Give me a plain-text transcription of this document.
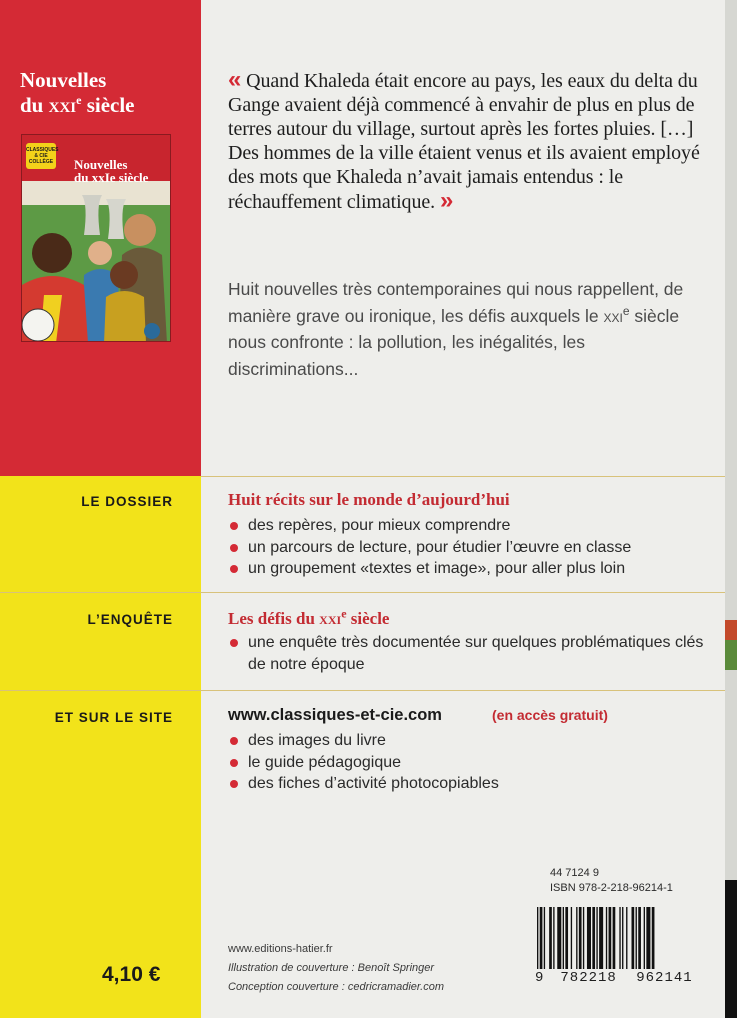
Nouvelles
du xxi$^e$ siècle
CLASSIQUES & CIE COLLÈGE Nouvelles
du xxIe siècle
« Quand Khaleda était encore au pays, les eaux du delta du Gange avaient déjà commencé à envahir de plus en plus de terres autour du village, surtout après les fortes pluies. […] Des hommes de la ville étaient venus et ils avaient employé des mots que Khaleda n’avait jamais entendus : le réchauffement climatique. »
Huit nouvelles très contemporaines qui nous rappellent, de manière grave ou ironique, les défis auxquels le xxi$^e$ siècle nous confronte : la pollution, les inégalités, les discriminations...
LE DOSSIER	Huit récits sur le monde d’aujourd’hui
des repères, pour mieux comprendre
un parcours de lecture, pour étudier l’œuvre en classe
un groupement «textes et image», pour aller plus loin
L’ENQUÊTE	Les défis du xxi$^e$ siècle
une enquête très documentée sur quelques problématiques clés de notre époque
ET SUR LE SITE	www.classiques-et-cie.com	(en accès gratuit)
des images du livre
le guide pédagogique
des fiches d’activité photocopiables
44 7124 9
ISBN 978-2-218-96214-1
9 782218 962141
www.editions-hatier.fr
Illustration de couverture : Benoît Springer
Conception couverture : cedricramadier.com
4,10 €
